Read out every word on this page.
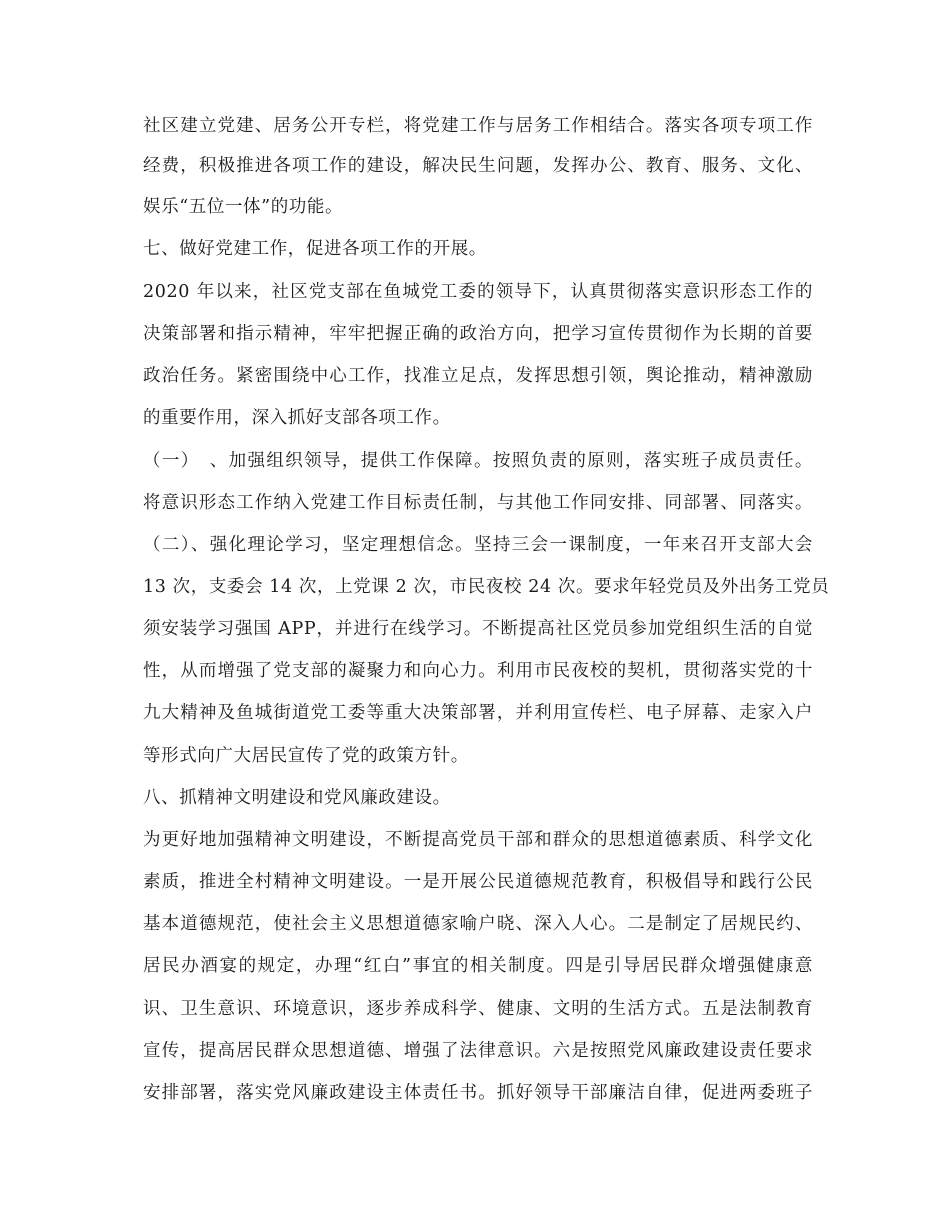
社区建立党建、居务公开专栏，将党建工作与居务工作相结合。落实各项专项工作

经费，积极推进各项工作的建设，解决民生问题，发挥办公、教育、服务、文化、

娱乐“五位一体”的功能。

七、做好党建工作，促进各项工作的开展。

2020 年以来，社区党支部在鱼城党工委的领导下，认真贯彻落实意识形态工作的

决策部署和指示精神，牢牢把握正确的政治方向，把学习宣传贯彻作为长期的首要

政治任务。紧密围绕中心工作，找准立足点，发挥思想引领，舆论推动，精神激励

的重要作用，深入抓好支部各项工作。

（一）　、加强组织领导，提供工作保障。按照负责的原则，落实班子成员责任。

将意识形态工作纳入党建工作目标责任制，与其他工作同安排、同部署、同落实。

（二）、强化理论学习，坚定理想信念。坚持三会一课制度，一年来召开支部大会

13 次，支委会 14 次，上党课 2 次，市民夜校 24 次。要求年轻党员及外出务工党员

须安装学习强国 APP，并进行在线学习。不断提高社区党员参加党组织生活的自觉

性，从而增强了党支部的凝聚力和向心力。利用市民夜校的契机，贯彻落实党的十

九大精神及鱼城街道党工委等重大决策部署，并利用宣传栏、电子屏幕、走家入户

等形式向广大居民宣传了党的政策方针。

八、抓精神文明建设和党风廉政建设。

为更好地加强精神文明建设，不断提高党员干部和群众的思想道德素质、科学文化

素质，推进全村精神文明建设。一是开展公民道德规范教育，积极倡导和践行公民

基本道德规范，使社会主义思想道德家喻户晓、深入人心。二是制定了居规民约、

居民办酒宴的规定，办理“红白”事宜的相关制度。四是引导居民群众增强健康意

识、卫生意识、环境意识，逐步养成科学、健康、文明的生活方式。五是法制教育

宣传，提高居民群众思想道德、增强了法律意识。六是按照党风廉政建设责任要求

安排部署，落实党风廉政建设主体责任书。抓好领导干部廉洁自律，促进两委班子
